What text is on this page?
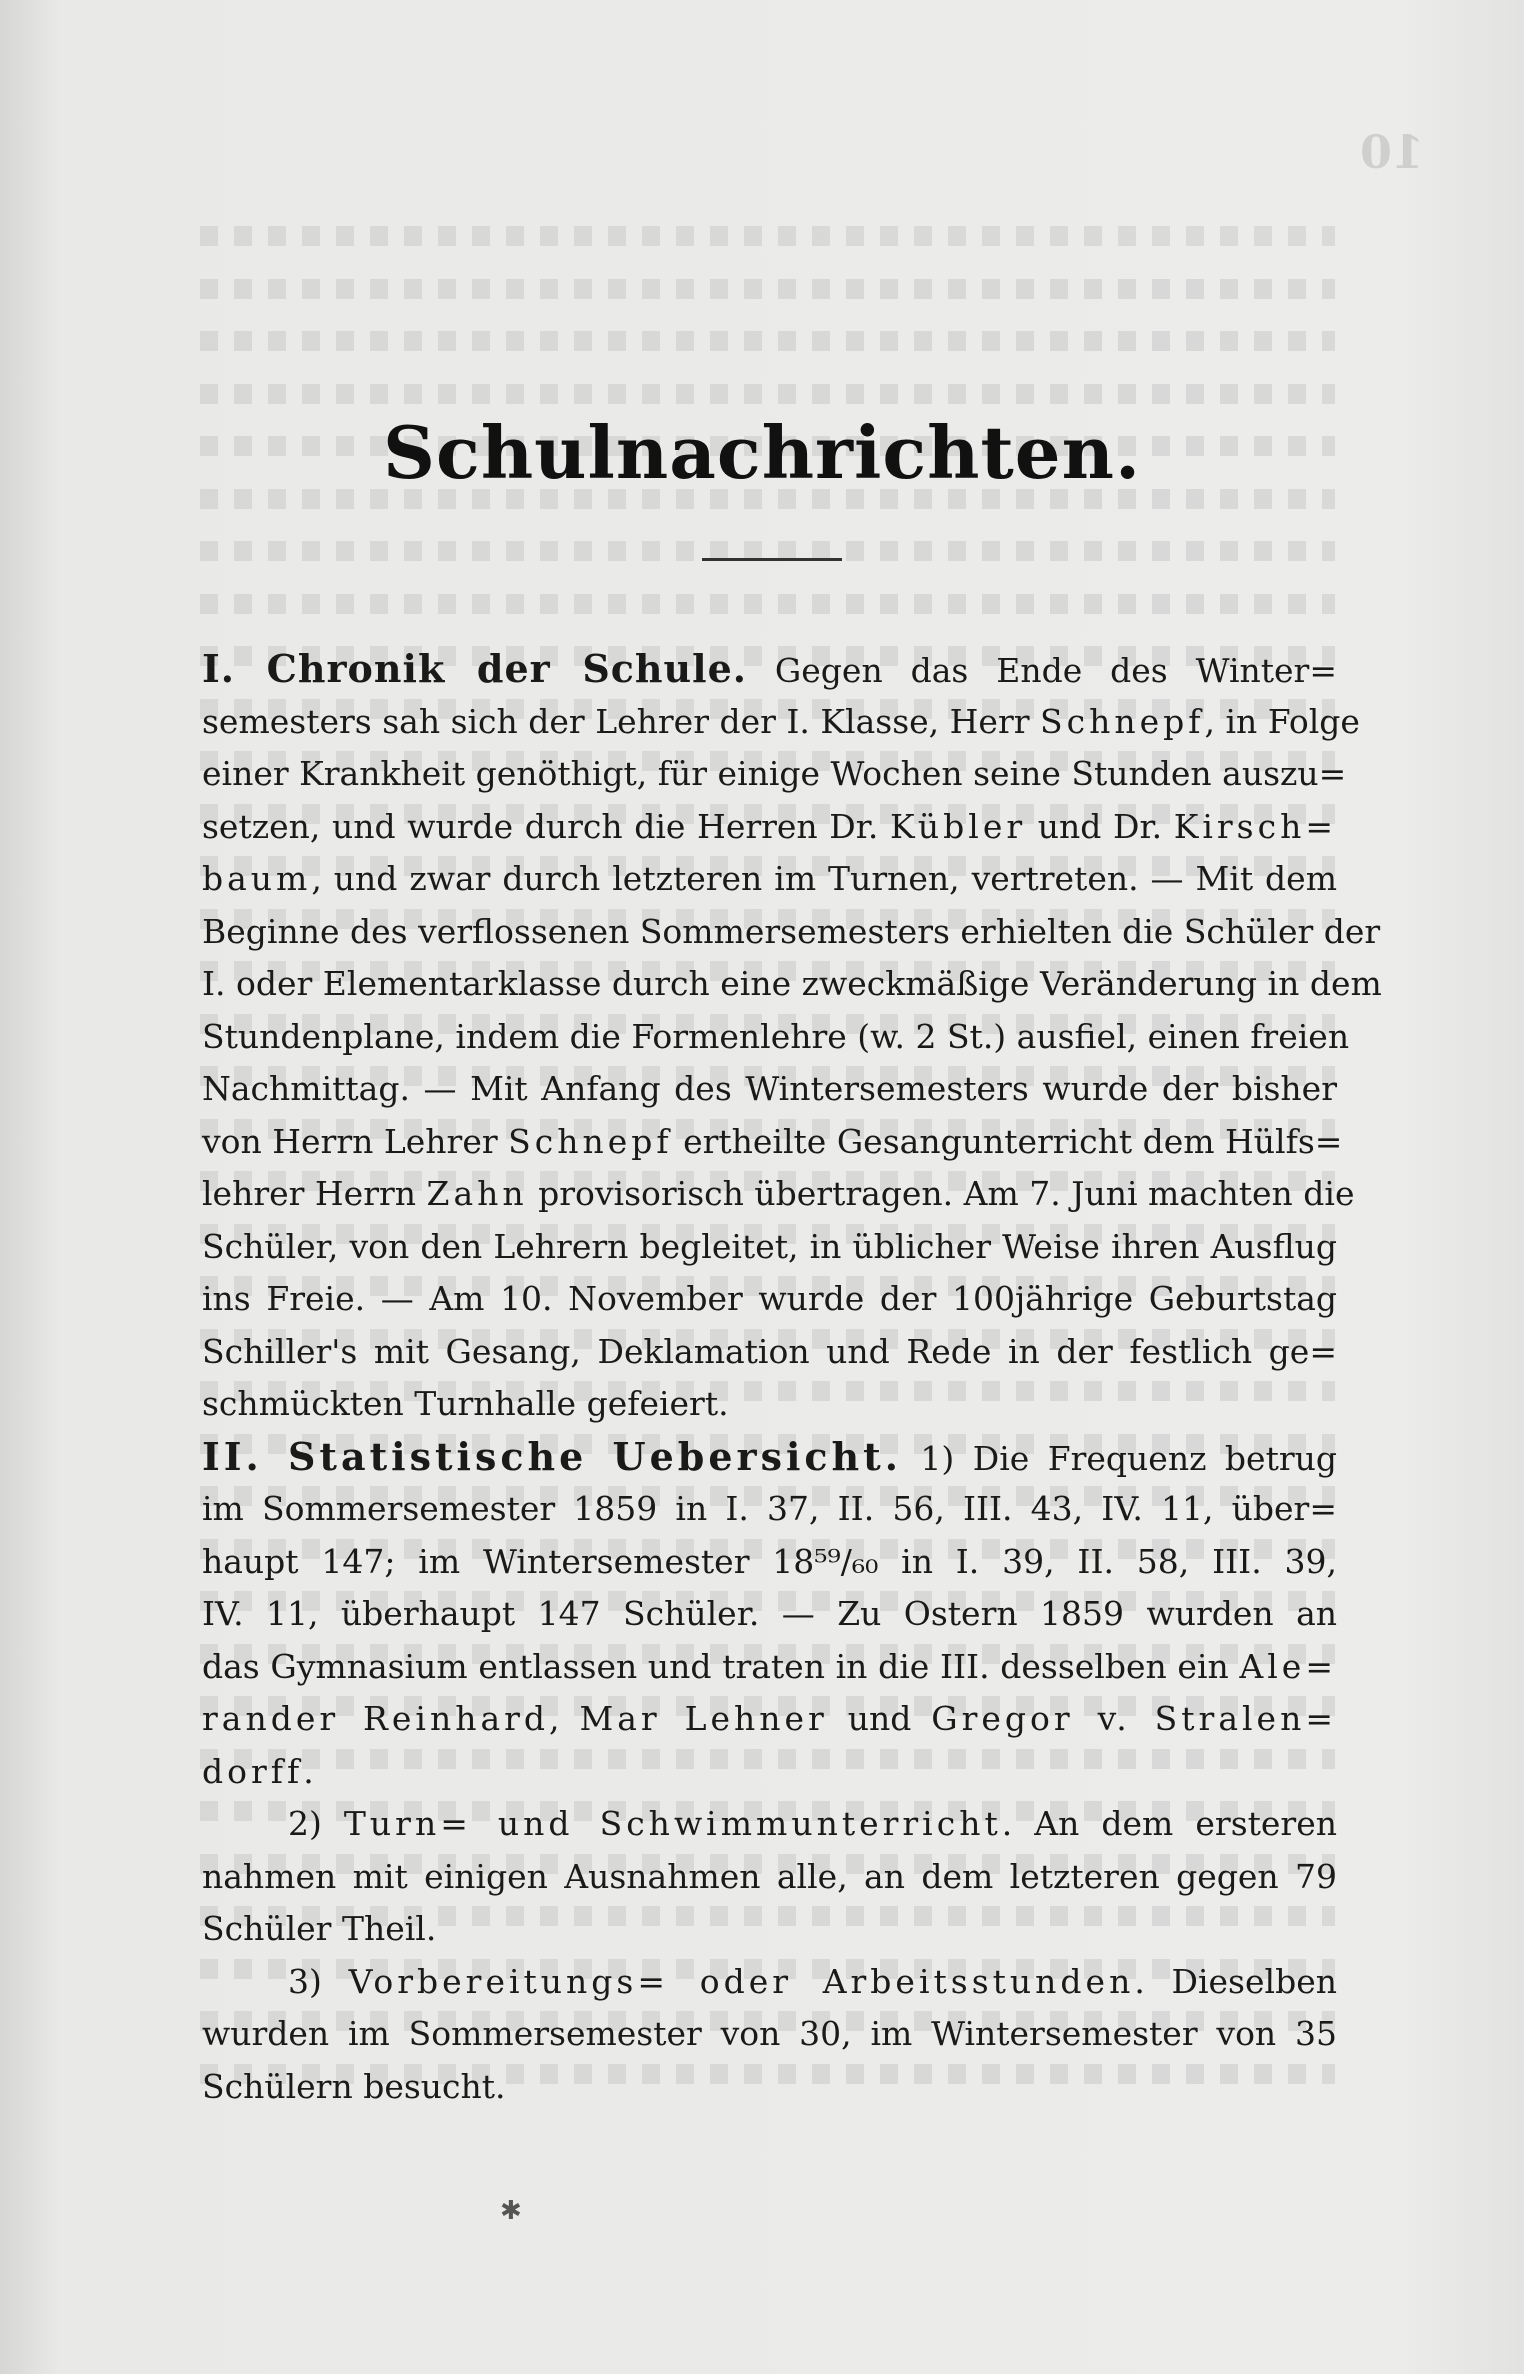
10
Schulnachrichten.
I. Chronik der Schule. Gegen das Ende des Winter=
semesters sah sich der Lehrer der I. Klasse, Herr Schnepf, in Folge
einer Krankheit genöthigt, für einige Wochen seine Stunden auszu=
setzen, und wurde durch die Herren Dr. Kübler und Dr. Kirsch=
baum, und zwar durch letzteren im Turnen, vertreten. — Mit dem
Beginne des verflossenen Sommersemesters erhielten die Schüler der
I. oder Elementarklasse durch eine zweckmäßige Veränderung in dem
Stundenplane, indem die Formenlehre (w. 2 St.) ausfiel, einen freien
Nachmittag. — Mit Anfang des Wintersemesters wurde der bisher
von Herrn Lehrer Schnepf ertheilte Gesangunterricht dem Hülfs=
lehrer Herrn Zahn provisorisch übertragen. Am 7. Juni machten die
Schüler, von den Lehrern begleitet, in üblicher Weise ihren Ausflug
ins Freie. — Am 10. November wurde der 100jährige Geburtstag
Schiller's mit Gesang, Deklamation und Rede in der festlich ge=
schmückten Turnhalle gefeiert.
II. Statistische Uebersicht. 1) Die Frequenz betrug
im Sommersemester 1859 in I. 37, II. 56, III. 43, IV. 11, über=
haupt 147; im Wintersemester 18⁵⁹/₆₀ in I. 39, II. 58, III. 39,
IV. 11, überhaupt 147 Schüler. — Zu Ostern 1859 wurden an
das Gymnasium entlassen und traten in die III. desselben ein Ale=
rander Reinhard, Mar Lehner und Gregor v. Stralen=
dorff.
2) Turn= und Schwimmunterricht. An dem ersteren
nahmen mit einigen Ausnahmen alle, an dem letzteren gegen 79
Schüler Theil.
3) Vorbereitungs= oder Arbeitsstunden. Dieselben
wurden im Sommersemester von 30, im Wintersemester von 35
Schülern besucht.
✱
